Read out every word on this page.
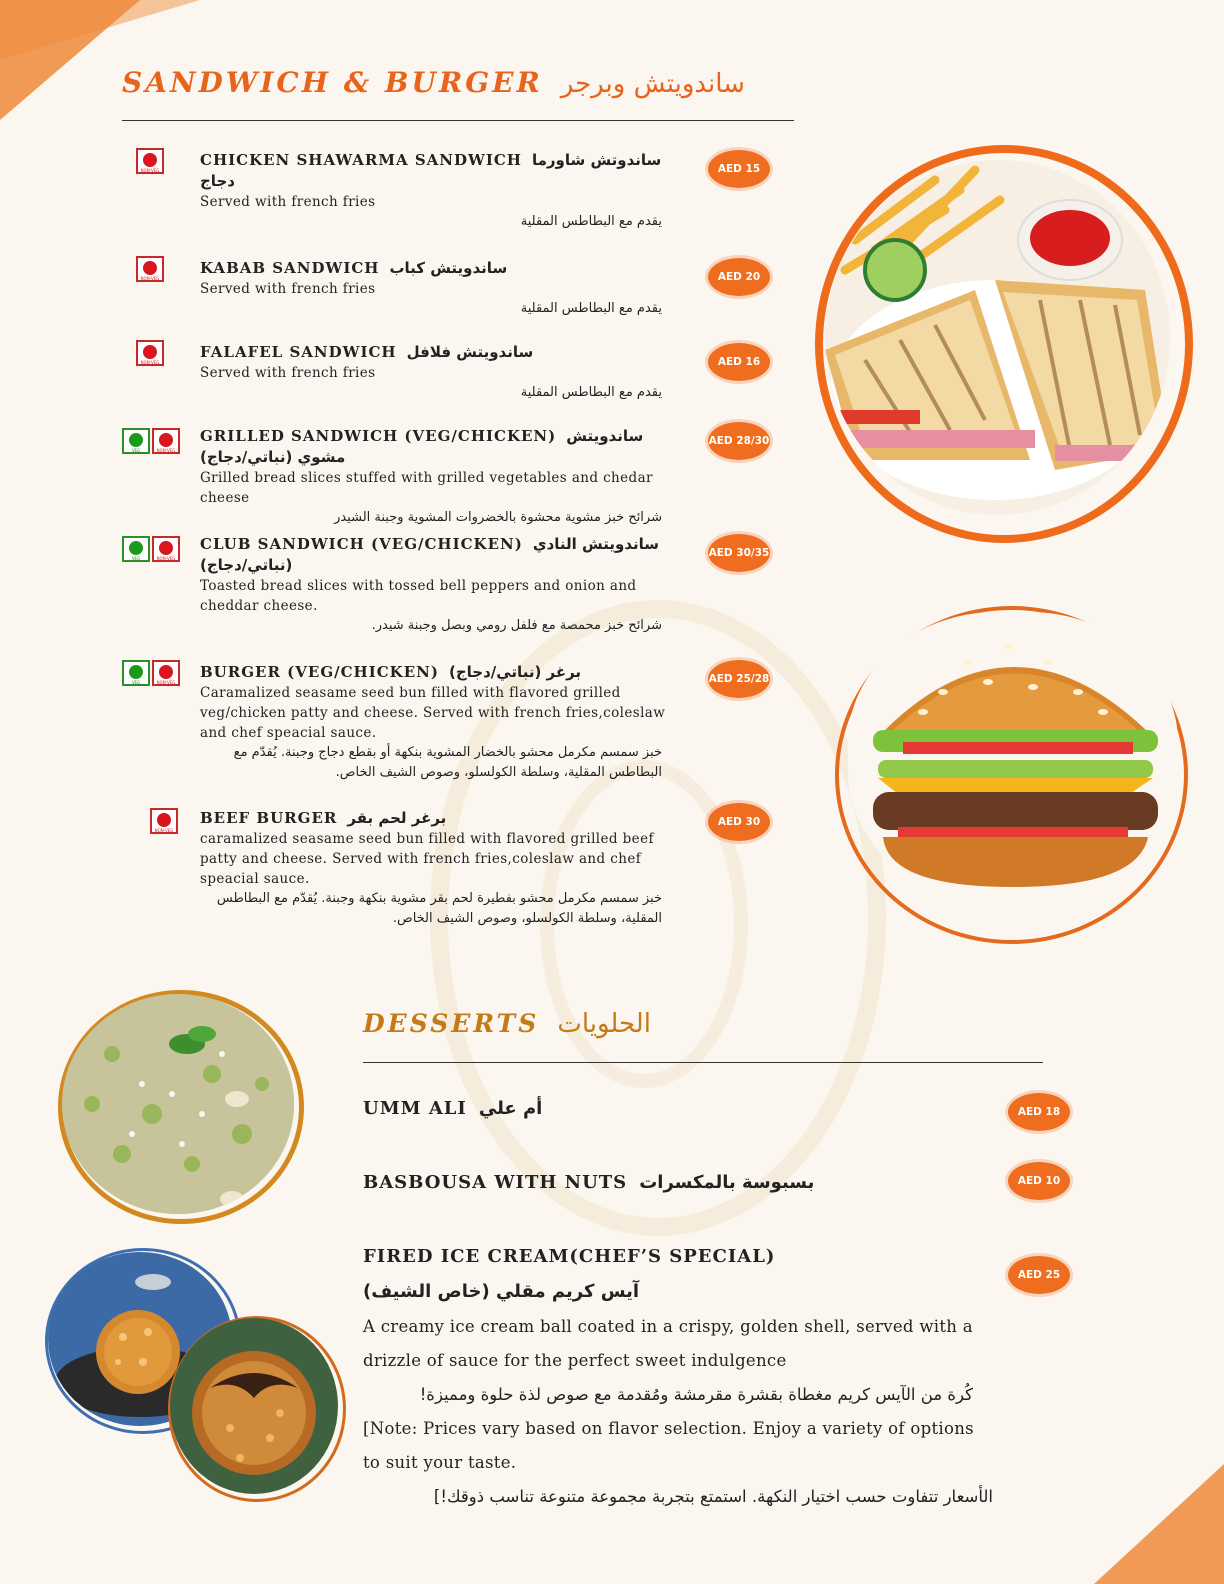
SANDWICH & BURGER ساندويتش وبرجر
NON-VEG
CHICKEN SHAWARMA SANDWICH ساندوتش شاورما دجاج
Served with french fries
يقدم مع البطاطس المقلية
AED 15
NON-VEG
KABAB SANDWICH ساندويتش كباب
Served with french fries
يقدم مع البطاطس المقلية
AED 20
NON-VEG
FALAFEL SANDWICH ساندويتش فلافل
Served with french fries
يقدم مع البطاطس المقلية
AED 16
VEG	NON-VEG
GRILLED SANDWICH (VEG/CHICKEN) ساندويتش مشوي (نباتي/دجاج)
Grilled bread slices stuffed with grilled vegetables and chedar cheese
شرائح خبز مشوية محشوة بالخضروات المشوية وجبنة الشيدر
AED 28/30
VEG	NON-VEG
CLUB SANDWICH (VEG/CHICKEN) ساندويتش النادي (نباتي/دجاج)
Toasted bread slices with tossed bell peppers and onion and cheddar cheese.
شرائح خبز محمصة مع فلفل رومي وبصل وجبنة شيدر.
AED 30/35
VEG	NON-VEG
BURGER (VEG/CHICKEN) برغر (نباتي/دجاج)
Caramalized seasame seed bun filled with flavored grilled veg/chicken patty and cheese. Served with french fries,coleslaw and chef speacial sauce.
خبز سمسم مكرمل محشو بالخضار المشوية بنكهة أو بقطع دجاج وجبنة. يُقدّم مع البطاطس المقلية، وسلطة الكولسلو، وصوص الشيف الخاص.
AED 25/28
NON-VEG
BEEF BURGER برغر لحم بقر
caramalized seasame seed bun filled with flavored grilled beef patty and cheese. Served with french fries,coleslaw and chef speacial sauce.
خبز سمسم مكرمل محشو بفطيرة لحم بقر مشوية بنكهة وجبنة. يُقدّم مع البطاطس المقلية، وسلطة الكولسلو، وصوص الشيف الخاص.
AED 30
DESSERTS الحلويات
UMM ALI أم علي	AED 18
BASBOUSA WITH NUTS بسبوسة بالمكسرات	AED 10
FIRED ICE CREAM(CHEF’S SPECIAL)
آيس كريم مقلي (خاص الشيف)
AED 25
A creamy ice cream ball coated in a crispy, golden shell, served with a drizzle of sauce for the perfect sweet indulgence
كُرة من الآيس كريم مغطاة بقشرة مقرمشة ومُقدمة مع صوص لذة حلوة ومميزة!
[Note: Prices vary based on flavor selection. Enjoy a variety of options to suit your taste.
الأسعار تتفاوت حسب اختيار النكهة. استمتع بتجربة مجموعة متنوعة تناسب ذوقك!]
